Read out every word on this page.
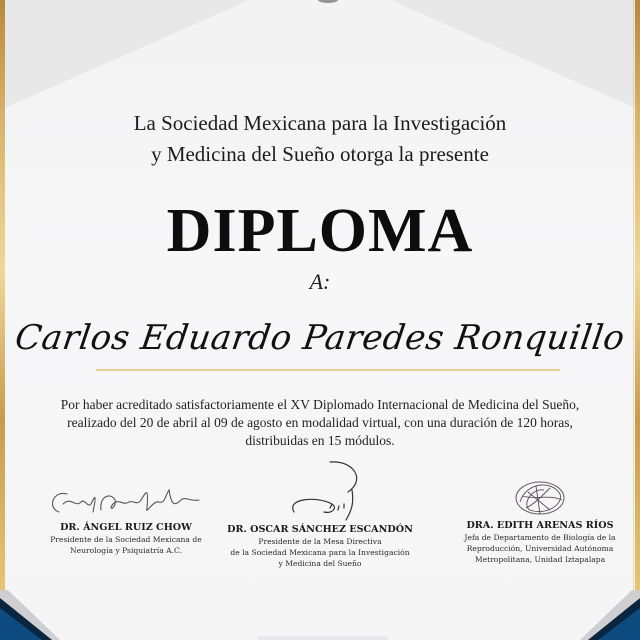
La Sociedad Mexicana para la Investigación
y Medicina del Sueño otorga la presente
DIPLOMA
A:
Carlos Eduardo Paredes Ronquillo
Por haber acreditado satisfactoriamente el XV Diplomado Internacional de Medicina del Sueño,
realizado del 20 de abril al 09 de agosto en modalidad virtual, con una duración de 120 horas,
distribuidas en 15 módulos.
DR. ÁNGEL RUIZ CHOW
Presidente de la Sociedad Mexicana de
Neurología y Psiquiatría A.C.
DR. OSCAR SÁNCHEZ ESCANDÓN
Presidente de la Mesa Directiva
de la Sociedad Mexicana para la Investigación
y Medicina del Sueño
DRA. EDITH ARENAS RÍOS
Jefa de Departamento de Biología de la
Reproducción, Universidad Autónoma
Metropolitana, Unidad Iztapalapa
